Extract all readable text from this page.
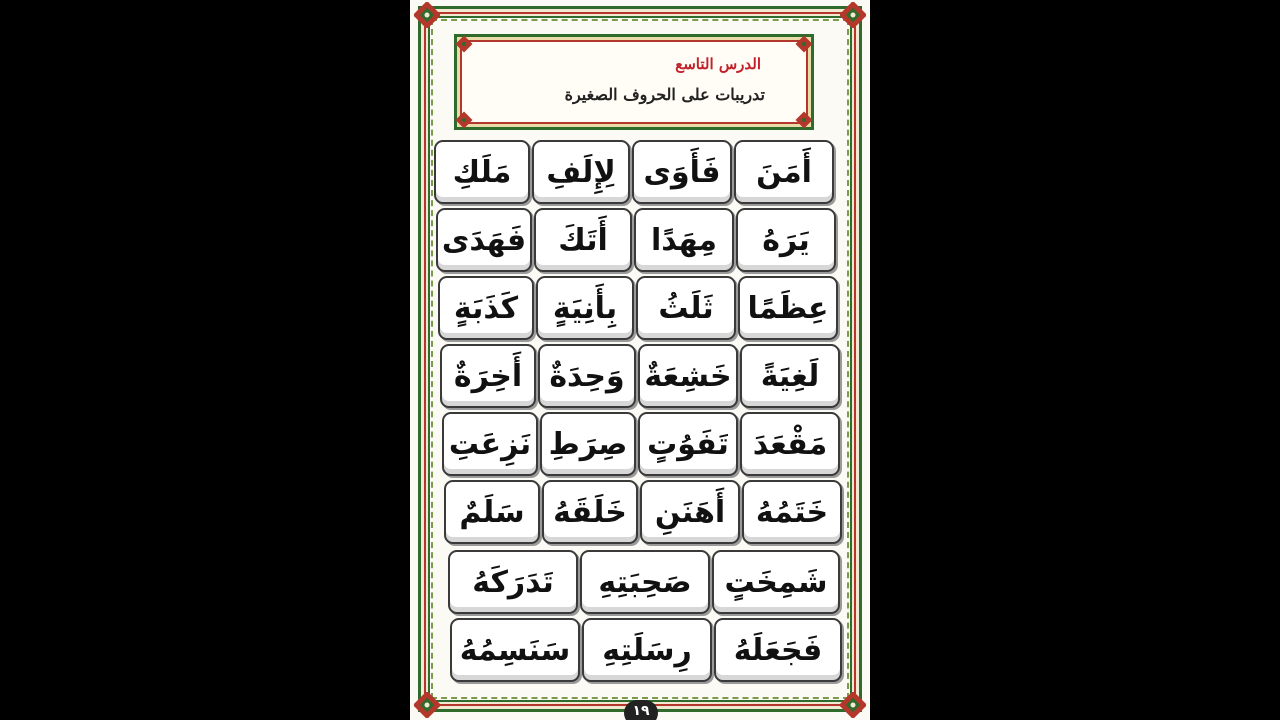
الدرس التاسع
تدريبات على الحروف الصغيرة
أَمَنَ
فَأَوَى
لِإِلَفِ
مَلَكِ
يَرَهُ
مِهَدًا
أَتَكَ
فَهَدَى
عِظَمًا
ثَلَثُ
بِأَنِيَةٍ
كَذَبَةٍ
لَغِيَةً
خَشِعَةٌ
وَحِدَةٌ
أَخِرَةٌ
مَقْعَدَ
تَفَوُتٍ
صِرَطِ
نَزِعَتِ
خَتَمُهُ
أَهَنَنِ
خَلَقَهُ
سَلَمٌ
شَمِخَتٍ
صَحِبَتِهِ
تَدَرَكَهُ
فَجَعَلَهُ
رِسَلَتِهِ
سَنَسِمُهُ
١٩
